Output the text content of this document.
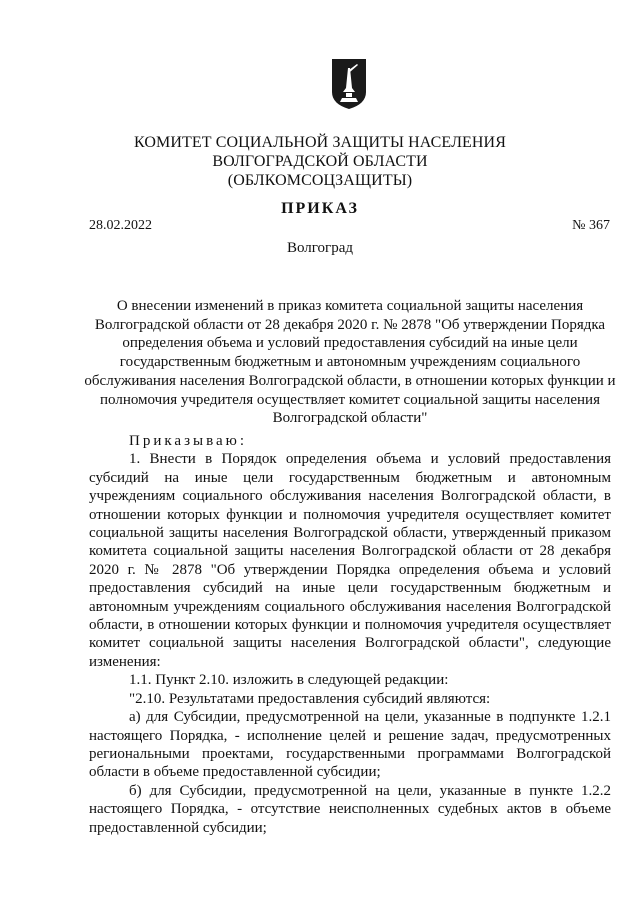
КОМИТЕТ СОЦИАЛЬНОЙ ЗАЩИТЫ НАСЕЛЕНИЯ
ВОЛГОГРАДСКОЙ ОБЛАСТИ
(ОБЛКОМСОЦЗАЩИТЫ)
ПРИКАЗ
28.02.2022	№ 367
Волгоград
О внесении изменений в приказ комитета социальной защиты населения Волгоградской области от 28 декабря 2020 г. № 2878 "Об утверждении Порядка определения объема и условий предоставления субсидий на иные цели государственным бюджетным и автономным учреждениям социального обслуживания населения Волгоградской области, в отношении которых функции и полномочия учредителя осуществляет комитет социальной защиты населения Волгоградской области"

Приказываю:

1. Внести в Порядок определения объема и условий предоставления субсидий на иные цели государственным бюджетным и автономным учреждениям социального обслуживания населения Волгоградской области, в отношении которых функции и полномочия учредителя осуществляет комитет социальной защиты населения Волгоградской области, утвержденный приказом комитета социальной защиты населения Волгоградской области от 28 декабря 2020 г. № 2878 "Об утверждении Порядка определения объема и условий предоставления субсидий на иные цели государственным бюджетным и автономным учреждениям социального обслуживания населения Волгоградской области, в отношении которых функции и полномочия учредителя осуществляет комитет социальной защиты населения Волгоградской области", следующие изменения:

1.1. Пункт 2.10. изложить в следующей редакции:

"2.10. Результатами предоставления субсидий являются:

а) для Субсидии, предусмотренной на цели, указанные в подпункте 1.2.1 настоящего Порядка, - исполнение целей и решение задач, предусмотренных региональными проектами, государственными программами Волгоградской области в объеме предоставленной субсидии;

б) для Субсидии, предусмотренной на цели, указанные в пункте 1.2.2 настоящего Порядка, - отсутствие неисполненных судебных актов в объеме предоставленной субсидии;
